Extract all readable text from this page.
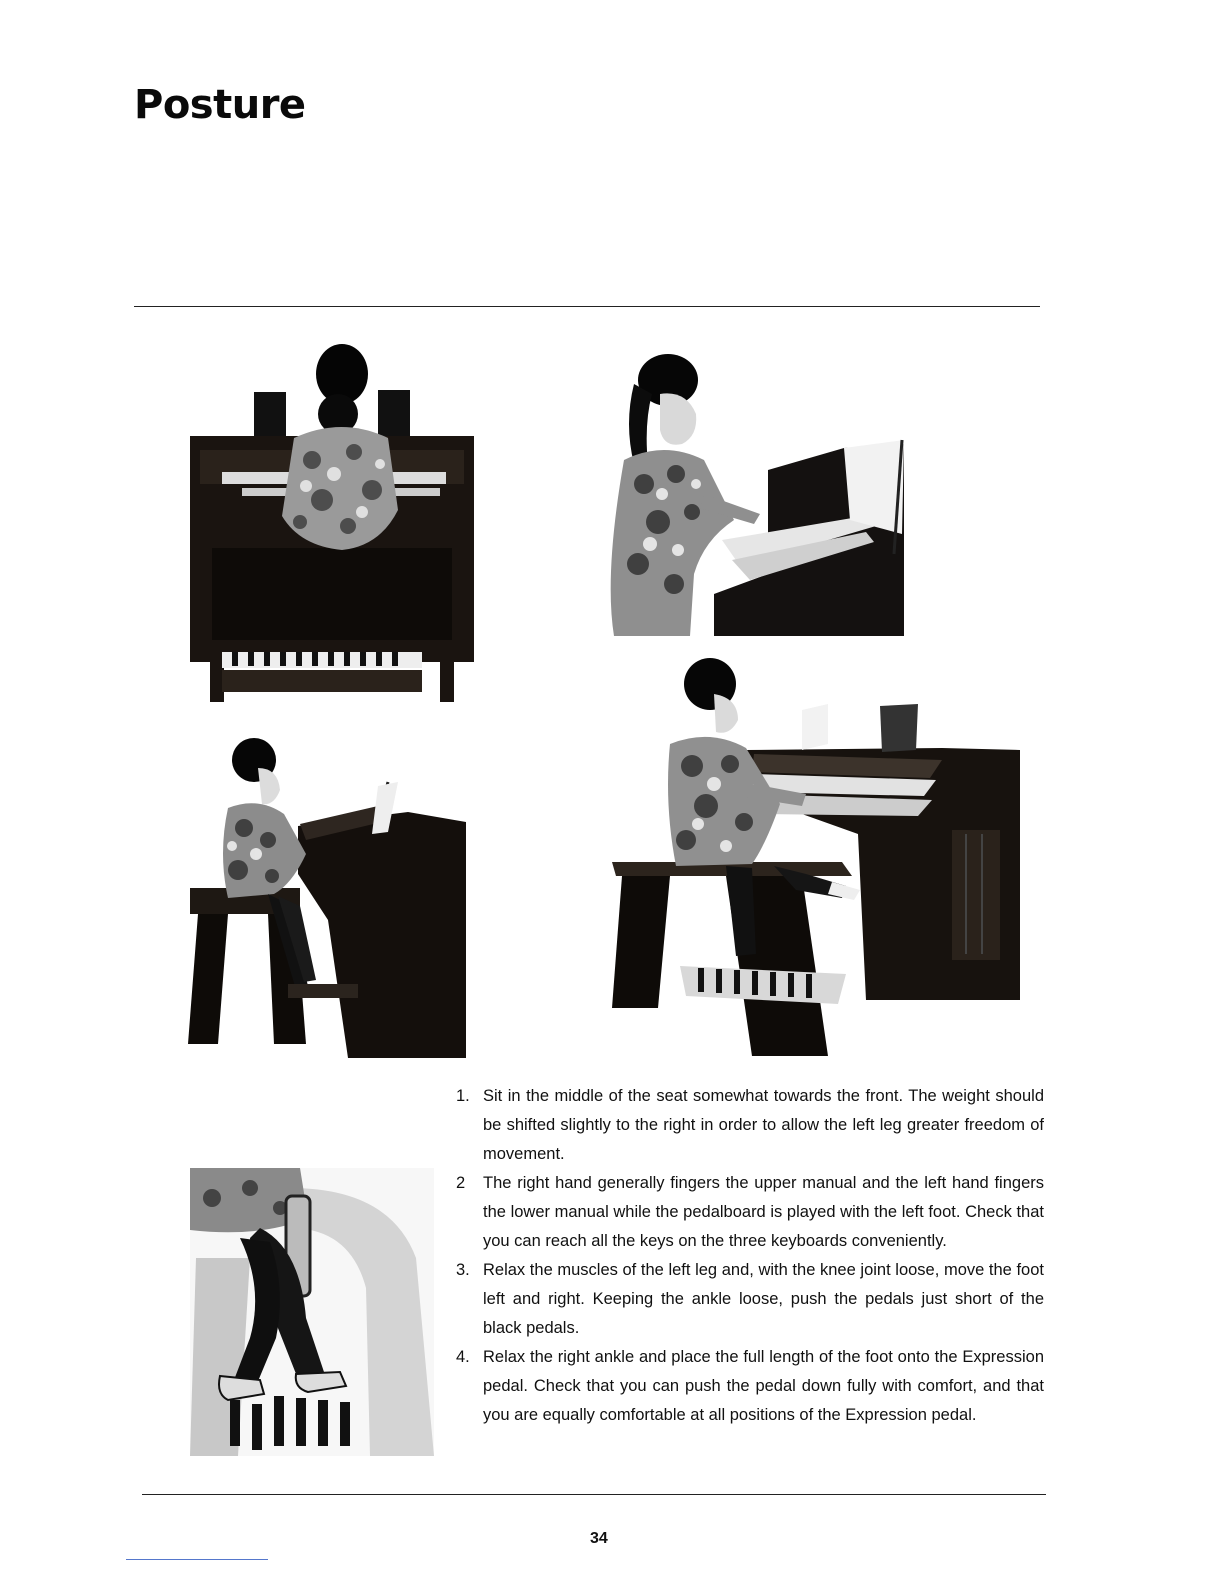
Posture
1. Sit in the middle of the seat somewhat towards the front. The weight should be shifted slightly to the right in order to allow the left leg greater freedom of movement.
2 The right hand generally fingers the upper manual and the left hand fingers the lower manual while the pedalboard is played with the left foot. Check that you can reach all the keys on the three keyboards conveniently.
3. Relax the muscles of the left leg and, with the knee joint loose, move the foot left and right. Keeping the ankle loose, push the pedals just short of the black pedals.
4. Relax the right ankle and place the full length of the foot onto the Expression pedal. Check that you can push the pedal down fully with comfort, and that you are equally comfortable at all positions of the Expression pedal.
34
